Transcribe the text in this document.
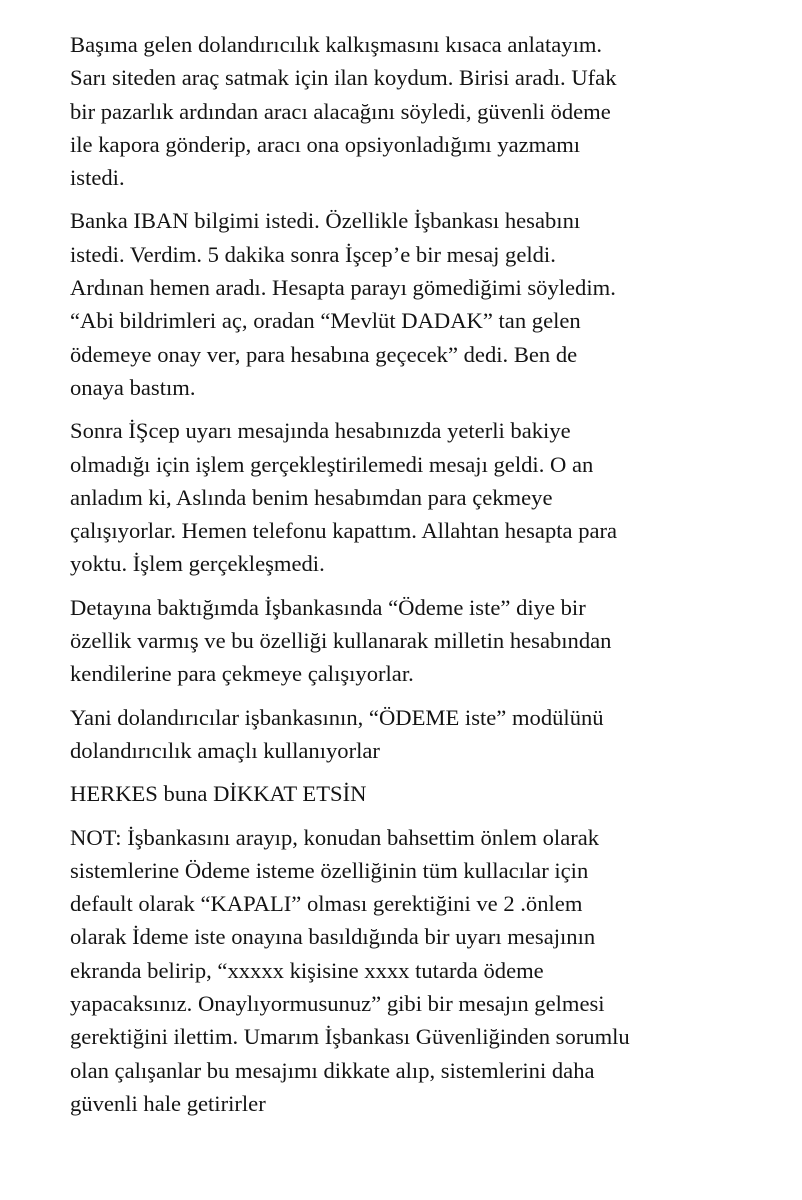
Başıma gelen dolandırıcılık kalkışmasını kısaca anlatayım.
Sarı siteden araç satmak için ilan koydum. Birisi aradı. Ufak
bir pazarlık ardından aracı alacağını söyledi, güvenli ödeme
ile kapora gönderip, aracı ona opsiyonladığımı yazmamı
istedi.

Banka IBAN bilgimi istedi. Özellikle İşbankası hesabını
istedi. Verdim. 5 dakika sonra İşcep’e bir mesaj geldi.
Ardınan hemen aradı. Hesapta parayı gömediğimi söyledim.
“Abi bildrimleri aç, oradan “Mevlüt DADAK” tan gelen
ödemeye onay ver, para hesabına geçecek” dedi. Ben de
onaya bastım.

Sonra İŞcep uyarı mesajında hesabınızda yeterli bakiye
olmadığı için işlem gerçekleştirilemedi mesajı geldi. O an
anladım ki, Aslında benim hesabımdan para çekmeye
çalışıyorlar. Hemen telefonu kapattım. Allahtan hesapta para
yoktu. İşlem gerçekleşmedi.

Detayına baktığımda İşbankasında “Ödeme iste” diye bir
özellik varmış ve bu özelliği kullanarak milletin hesabından
kendilerine para çekmeye çalışıyorlar.

Yani dolandırıcılar işbankasının, “ÖDEME iste” modülünü
dolandırıcılık amaçlı kullanıyorlar

HERKES buna DİKKAT ETSİN

NOT: İşbankasını arayıp, konudan bahsettim önlem olarak
sistemlerine Ödeme isteme özelliğinin tüm kullacılar için
default olarak “KAPALI” olması gerektiğini ve 2 .önlem
olarak İdeme iste onayına basıldığında bir uyarı mesajının
ekranda belirip, “xxxxx kişisine xxxx tutarda ödeme
yapacaksınız. Onaylıyormusunuz” gibi bir mesajın gelmesi
gerektiğini ilettim. Umarım İşbankası Güvenliğinden sorumlu
olan çalışanlar bu mesajımı dikkate alıp, sistemlerini daha
güvenli hale getirirler
